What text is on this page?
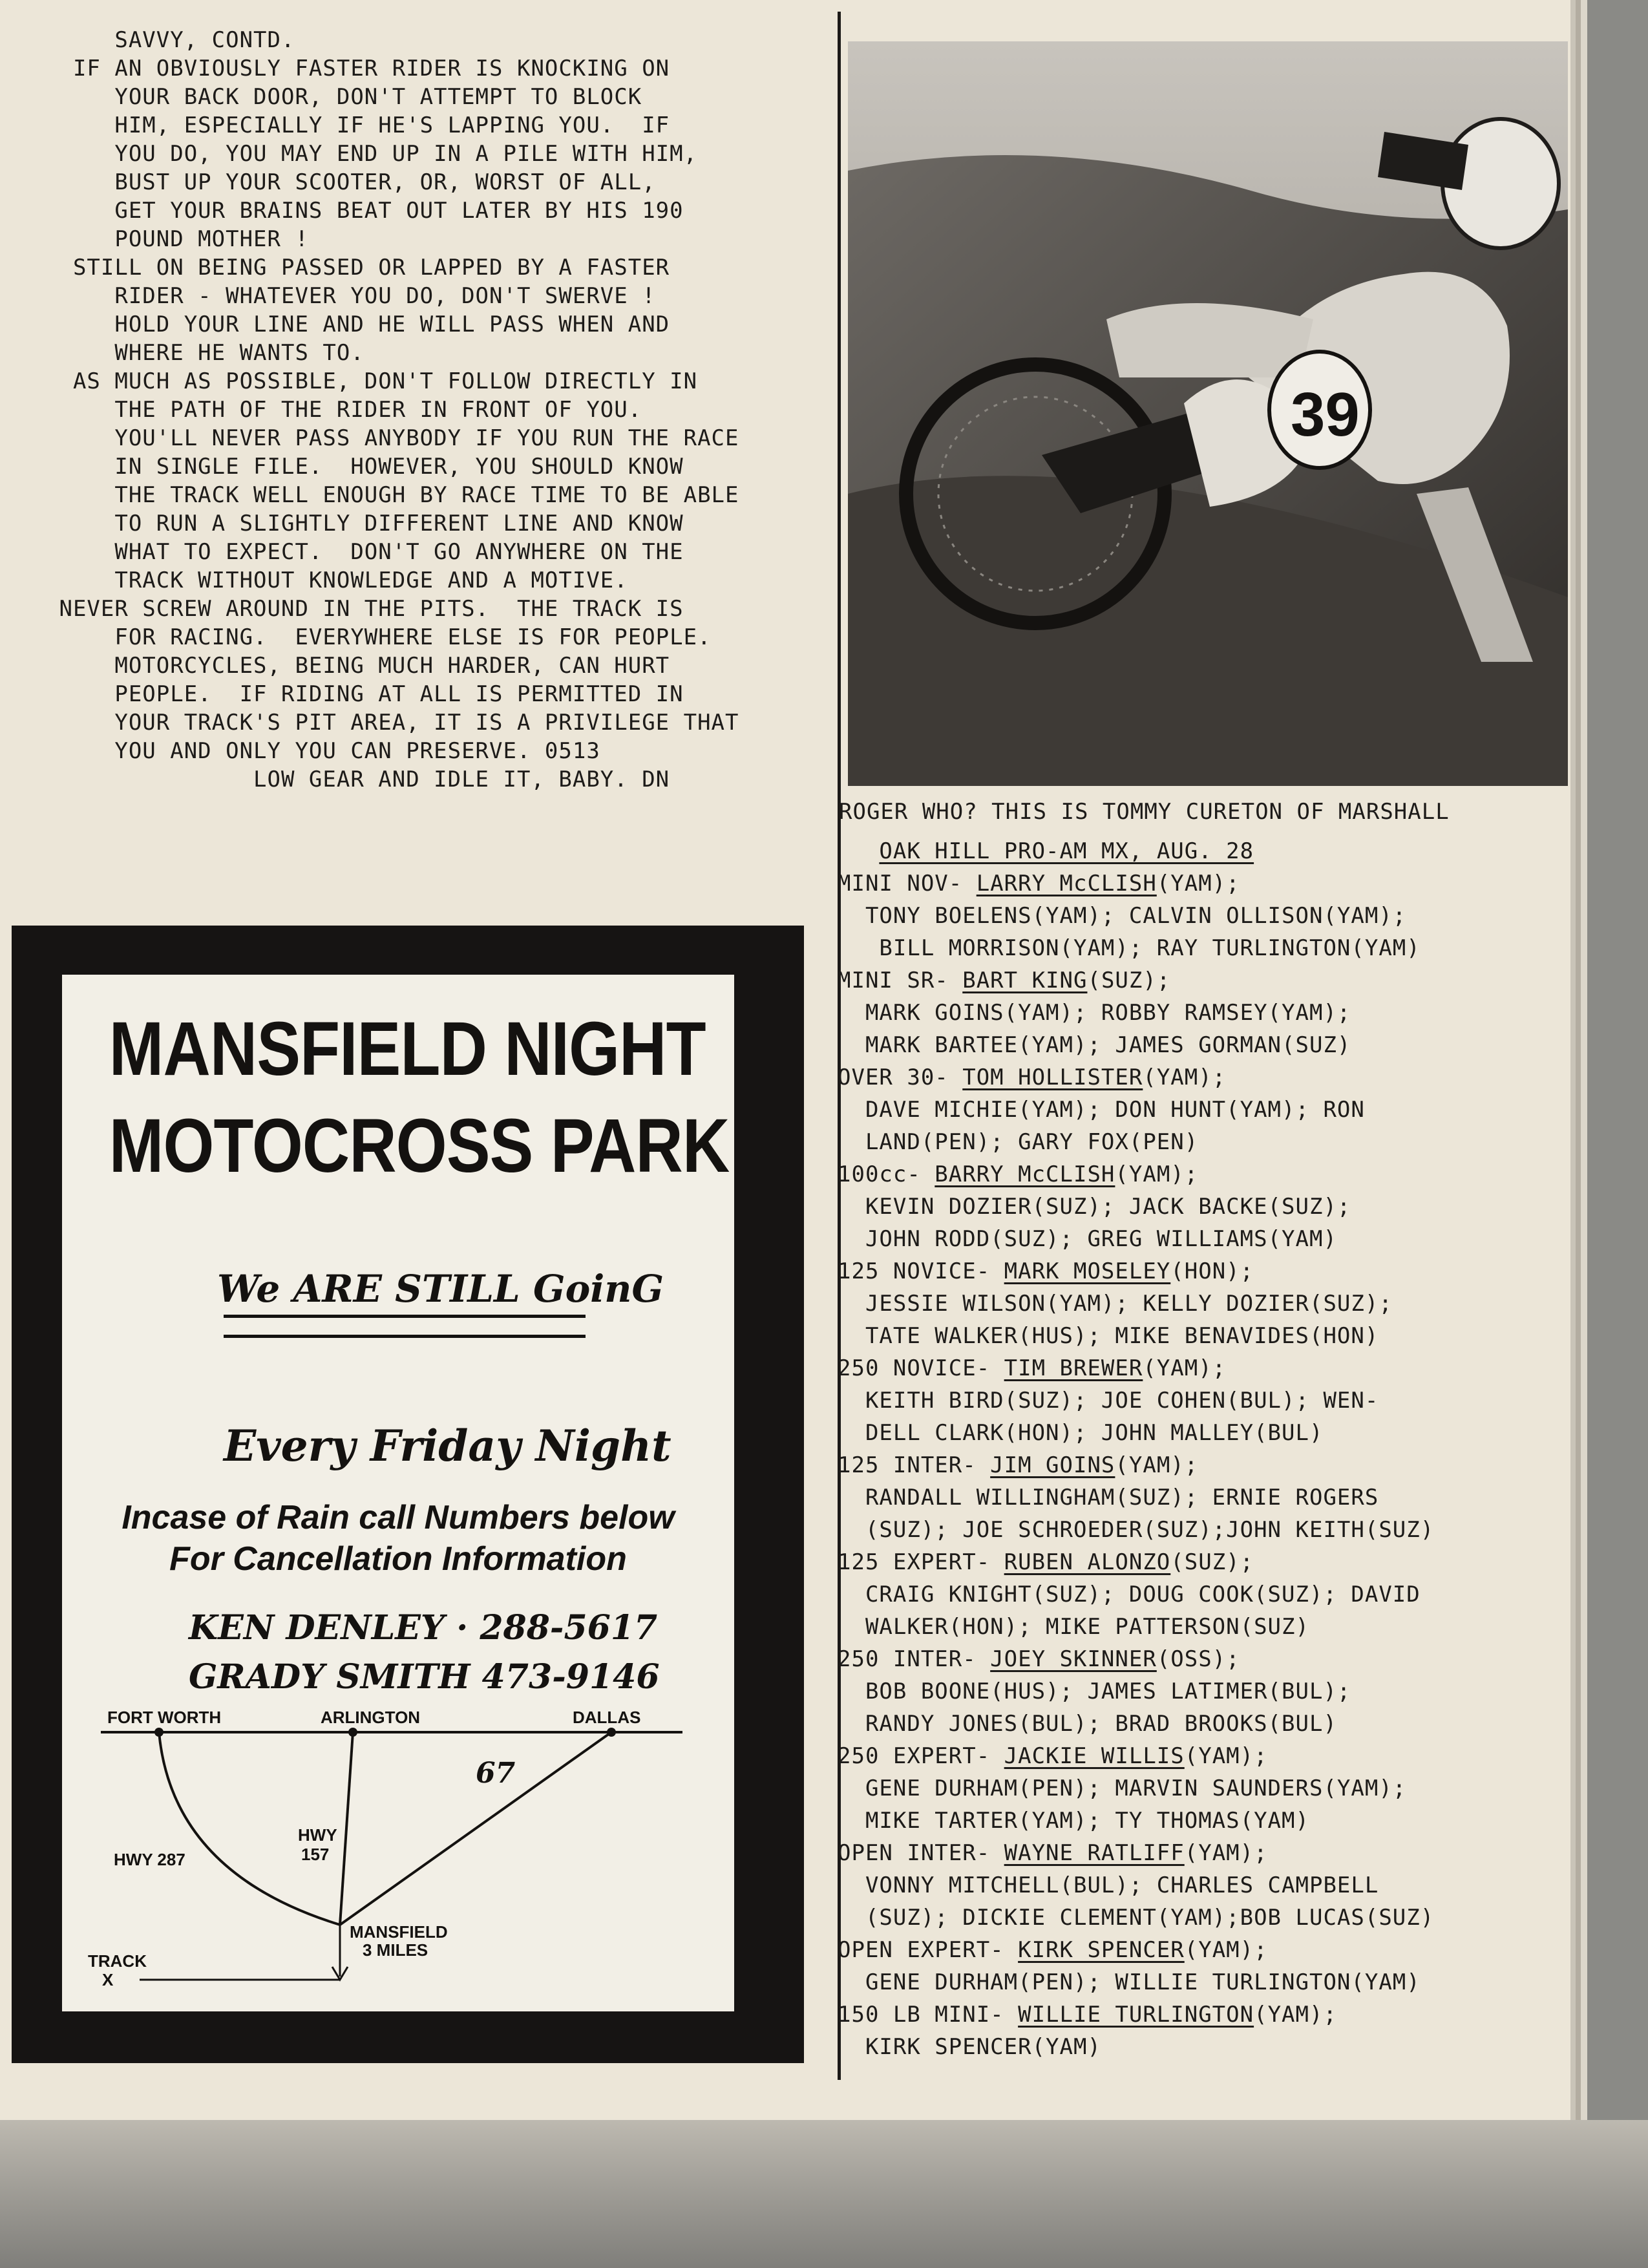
SAVVY, CONTD.
IF AN OBVIOUSLY FASTER RIDER IS KNOCKING ON
YOUR BACK DOOR, DON'T ATTEMPT TO BLOCK
HIM, ESPECIALLY IF HE'S LAPPING YOU.  IF
YOU DO, YOU MAY END UP IN A PILE WITH HIM,
BUST UP YOUR SCOOTER, OR, WORST OF ALL,
GET YOUR BRAINS BEAT OUT LATER BY HIS 190
POUND MOTHER !
STILL ON BEING PASSED OR LAPPED BY A FASTER
RIDER - WHATEVER YOU DO, DON'T SWERVE !
HOLD YOUR LINE AND HE WILL PASS WHEN AND
WHERE HE WANTS TO.
AS MUCH AS POSSIBLE, DON'T FOLLOW DIRECTLY IN
THE PATH OF THE RIDER IN FRONT OF YOU.
YOU'LL NEVER PASS ANYBODY IF YOU RUN THE RACE
IN SINGLE FILE.  HOWEVER, YOU SHOULD KNOW
THE TRACK WELL ENOUGH BY RACE TIME TO BE ABLE
TO RUN A SLIGHTLY DIFFERENT LINE AND KNOW
WHAT TO EXPECT.  DON'T GO ANYWHERE ON THE
TRACK WITHOUT KNOWLEDGE AND A MOTIVE.
NEVER SCREW AROUND IN THE PITS.  THE TRACK IS
FOR RACING.  EVERYWHERE ELSE IS FOR PEOPLE.
MOTORCYCLES, BEING MUCH HARDER, CAN HURT
PEOPLE.  IF RIDING AT ALL IS PERMITTED IN
YOUR TRACK'S PIT AREA, IT IS A PRIVILEGE THAT
YOU AND ONLY YOU CAN PRESERVE. 0513
LOW GEAR AND IDLE IT, BABY. DN
MANSFIELD NIGHT
MOTOCROSS PARK
We ARE STILL GoinG
Every Friday Night
Incase of Rain call Numbers below
For Cancellation Information
KEN DENLEY · 288-5617
GRADY SMITH 473-9146
FORT WORTH	ARLINGTON	DALLAS
67
HWY
157
HWY 287
MANSFIELD
3 MILES
TRACK
X
39
ROGER WHO? THIS IS TOMMY CURETON OF MARSHALL
OAK HILL PRO-AM MX, AUG. 28
MINI NOV- LARRY McCLISH(YAM);
TONY BOELENS(YAM); CALVIN OLLISON(YAM);
BILL MORRISON(YAM); RAY TURLINGTON(YAM)
MINI SR- BART KING(SUZ);
MARK GOINS(YAM); ROBBY RAMSEY(YAM);
MARK BARTEE(YAM); JAMES GORMAN(SUZ)
OVER 30- TOM HOLLISTER(YAM);
DAVE MICHIE(YAM); DON HUNT(YAM); RON
LAND(PEN); GARY FOX(PEN)
100cc- BARRY McCLISH(YAM);
KEVIN DOZIER(SUZ); JACK BACKE(SUZ);
JOHN RODD(SUZ); GREG WILLIAMS(YAM)
125 NOVICE- MARK MOSELEY(HON);
JESSIE WILSON(YAM); KELLY DOZIER(SUZ);
TATE WALKER(HUS); MIKE BENAVIDES(HON)
250 NOVICE- TIM BREWER(YAM);
KEITH BIRD(SUZ); JOE COHEN(BUL); WEN-
DELL CLARK(HON); JOHN MALLEY(BUL)
125 INTER- JIM GOINS(YAM);
RANDALL WILLINGHAM(SUZ); ERNIE ROGERS
(SUZ); JOE SCHROEDER(SUZ);JOHN KEITH(SUZ)
125 EXPERT- RUBEN ALONZO(SUZ);
CRAIG KNIGHT(SUZ); DOUG COOK(SUZ); DAVID
WALKER(HON); MIKE PATTERSON(SUZ)
250 INTER- JOEY SKINNER(OSS);
BOB BOONE(HUS); JAMES LATIMER(BUL);
RANDY JONES(BUL); BRAD BROOKS(BUL)
250 EXPERT- JACKIE WILLIS(YAM);
GENE DURHAM(PEN); MARVIN SAUNDERS(YAM);
MIKE TARTER(YAM); TY THOMAS(YAM)
OPEN INTER- WAYNE RATLIFF(YAM);
VONNY MITCHELL(BUL); CHARLES CAMPBELL
(SUZ); DICKIE CLEMENT(YAM);BOB LUCAS(SUZ)
OPEN EXPERT- KIRK SPENCER(YAM);
GENE DURHAM(PEN); WILLIE TURLINGTON(YAM)
150 LB MINI- WILLIE TURLINGTON(YAM);
KIRK SPENCER(YAM)
